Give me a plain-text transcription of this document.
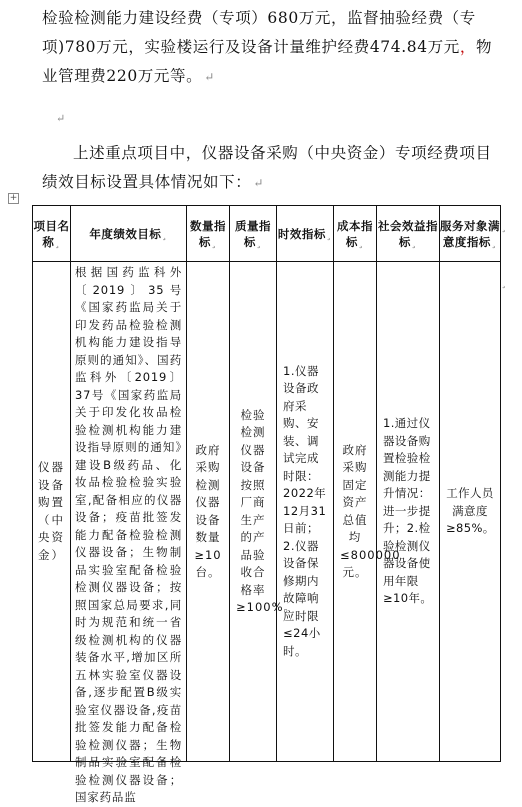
检验检测能力建设经费（专项）680万元，监督抽验经费（专项)780万元，实验楼运行及设备计量维护经费474.84万元，物业管理费220万元等。 ↵
↵
上述重点项目中，仪器设备采购（中央资金）专项经费项目绩效目标设置具体情况如下： ↵
+
项目名称¸	年度绩效目标¸	数量指标¸	质量指标¸	时效指标¸	成本指标¸	社会效益指标¸	服务对象满意度指标¸
仪器设备购置（中央资金）	根据国药监科外〔2019〕35号《国家药监局关于印发药品检验检测机构能力建设指导原则的通知》、国药监科外〔2019〕37号《国家药监局关于印发化妆品检验检测机构能力建设指导原则的通知》建设B级药品、化妆品检验检验实验室,配备相应的仪器设备；疫苗批签发能力配备检验检测仪器设备；生物制品实验室配备检验检测仪器设备；按照国家总局要求,同时为规范和统一省级检测机构的仪器装备水平,增加区所五林实验室仪器设备,逐步配置B级实验室仪器设备,疫苗批签发能力配备检验检测仪器；生物制品实验室配备检验检测仪器设备；国家药品监	政府采购检测仪器设备数量≥10台。	检验检测仪器设备按照厂商生产的产品验收合格率≥100%。	1.仪器设备政府采购、安装、调试完成时限：2022年12月31日前；2.仪器设备保修期内故障响应时限≤24小时。	政府采购固定资产总值均≤800000元。	1.通过仪器设备购置检验检测能力提升情况：进一步提升；2.检验检测仪器设备使用年限≥10年。	工作人员满意度≥85%。
¸
¸
